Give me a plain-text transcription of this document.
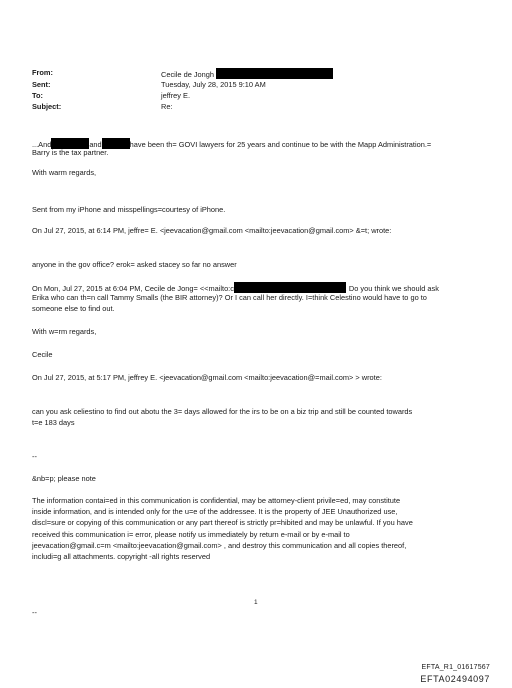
From:	Cecile de Jongh
Sent:	Tuesday, July 28, 2015 9:10 AM
To:	jeffrey E.
Subject:	Re:
...And	and	have been th= GOVI lawyers for 25 years and continue to be with the Mapp Administration.=
Barry is the tax partner.
With warm regards,
Sent from my iPhone and misspellings=courtesy of iPhone.
On Jul 27, 2015, at 6:14 PM, jeffre= E. <jeevacation@gmail.com <mailto:jeevacation@gmail.com> &=t; wrote:
anyone in the gov office? erok= asked stacey so far no answer
On Mon, Jul 27, 2015 at 6:04 PM, Cecile de Jong= <<mailto:c	Do you think we should ask
Erika who can th=n call Tammy Smalls (the BIR attorney)? Or I can call her directly. I=think Celestino would have to go to
someone else to find out.
With w=rm regards,
Cecile
On Jul 27, 2015, at 5:17 PM, jeffrey E. <jeevacation@gmail.com <mailto:jeevacation@=mail.com> > wrote:
can you ask celiestino to find out abotu the 3= days allowed for the irs to be on a biz trip and still be counted towards
t=e 183 days
--
&nb=p; please note
The information contai=ed in this communication is confidential, may be attorney-client privile=ed, may constitute
inside information, and is intended only for the u=e of the addressee. It is the property of JEE Unauthorized use,
discl=sure or copying of this communication or any part thereof is strictly pr=hibited and may be unlawful. If you have
received this communication i= error, please notify us immediately by return e-mail or by e-mail to
jeevacation@gmail.c=m <mailto:jeevacation@gmail.com> , and destroy this communication and all copies thereof,
includi=g all attachments. copyright -all rights reserved
--
1
EFTA_R1_01617567
EFTA02494097
